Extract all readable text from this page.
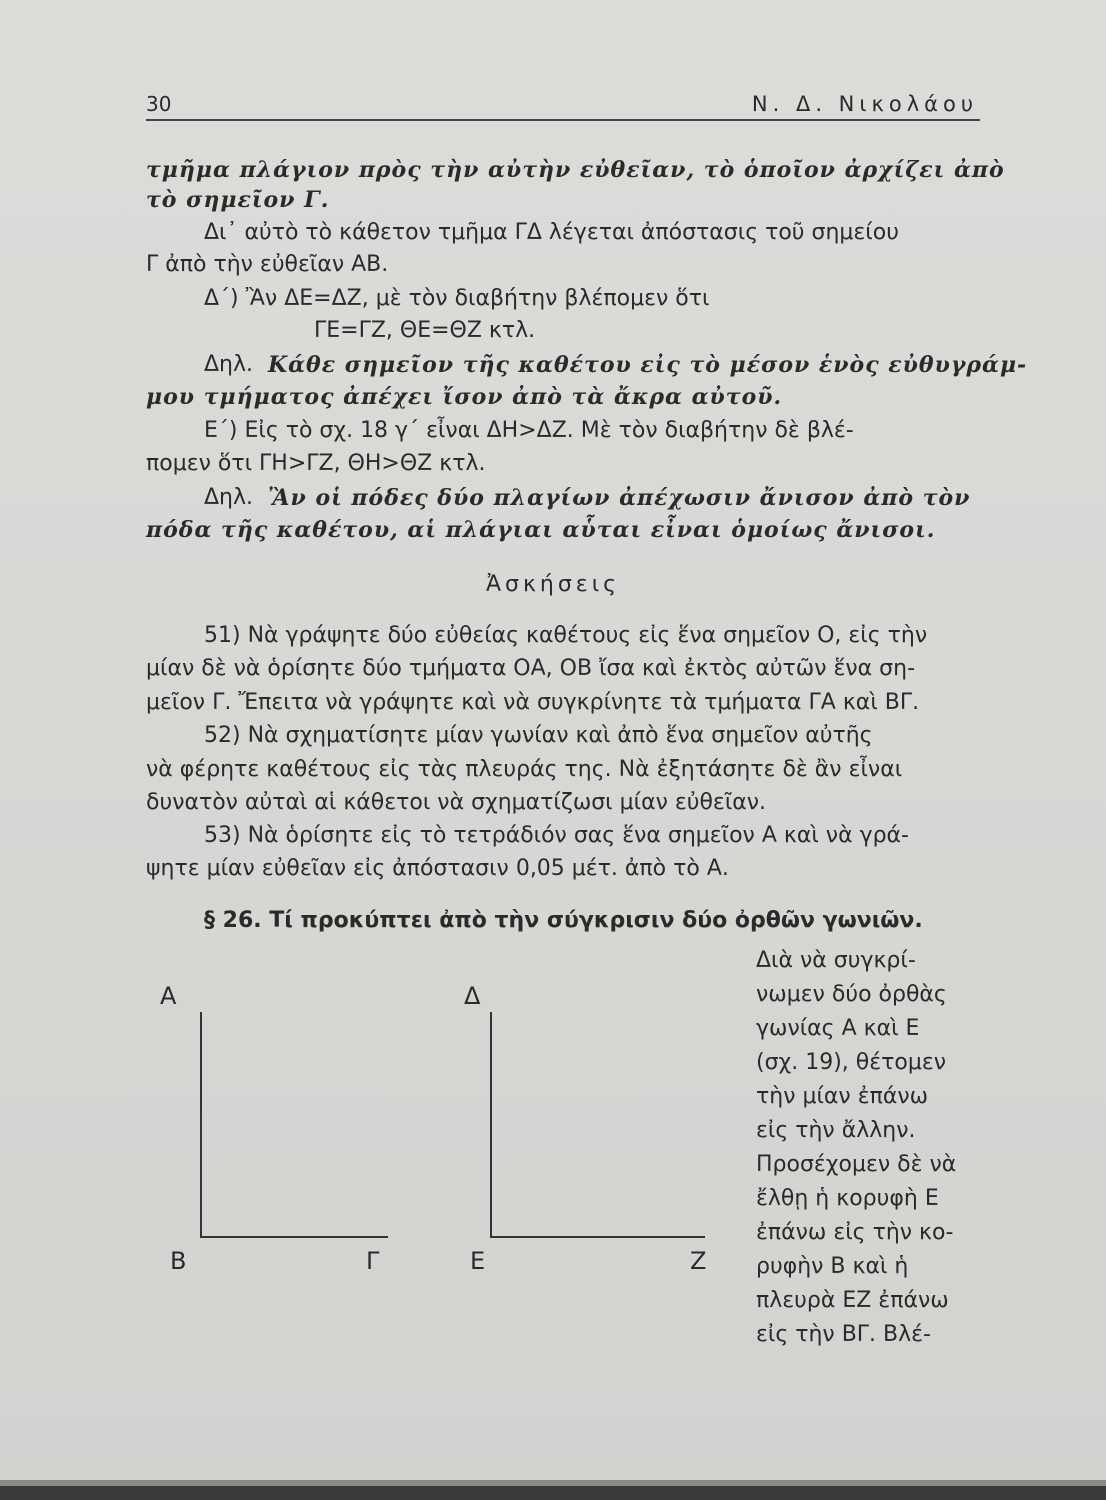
30	Ν. Δ. Νικολάου
τμῆμα πλάγιον πρὸς τὴν αὐτὴν εὐθεῖαν, τὸ ὁποῖον ἀρχίζει ἀπὸ
τὸ σημεῖον Γ.
Δι᾿ αὐτὸ τὸ κάθετον τμῆμα ΓΔ λέγεται ἀπόστασις τοῦ σημείου
Γ ἀπὸ τὴν εὐθεῖαν ΑΒ.
Δ΄) Ἂν ΔΕ=ΔΖ, μὲ τὸν διαβήτην βλέπομεν ὅτι
ΓΕ=ΓΖ, ΘΕ=ΘΖ κτλ.
Δηλ. Κάθε σημεῖον τῆς καθέτου εἰς τὸ μέσον ἑνὸς εὐθυγράμ-
μου τμήματος ἀπέχει ἴσον ἀπὸ τὰ ἄκρα αὐτοῦ.
Ε΄) Εἰς τὸ σχ. 18 γ΄ εἶναι ΔΗ>ΔΖ. Μὲ τὸν διαβήτην δὲ βλέ-
πομεν ὅτι ΓΗ>ΓΖ, ΘΗ>ΘΖ κτλ.
Δηλ. Ἂν οἱ πόδες δύο πλαγίων ἀπέχωσιν ἄνισον ἀπὸ τὸν
πόδα τῆς καθέτου, αἱ πλάγιαι αὗται εἶναι ὁμοίως ἄνισοι.
Ἀσκήσεις
51) Νὰ γράψητε δύο εὐθείας καθέτους εἰς ἕνα σημεῖον Ο, εἰς τὴν
μίαν δὲ νὰ ὁρίσητε δύο τμήματα ΟΑ, ΟΒ ἴσα καὶ ἐκτὸς αὐτῶν ἕνα ση-
μεῖον Γ. Ἔπειτα νὰ γράψητε καὶ νὰ συγκρίνητε τὰ τμήματα ΓΑ καὶ ΒΓ.
52) Νὰ σχηματίσητε μίαν γωνίαν καὶ ἀπὸ ἕνα σημεῖον αὐτῆς
νὰ φέρητε καθέτους εἰς τὰς πλευράς της. Νὰ ἐξητάσητε δὲ ἂν εἶναι
δυνατὸν αὐταὶ αἱ κάθετοι νὰ σχηματίζωσι μίαν εὐθεῖαν.
53) Νὰ ὁρίσητε εἰς τὸ τετράδιόν σας ἕνα σημεῖον Α καὶ νὰ γρά-
ψητε μίαν εὐθεῖαν εἰς ἀπόστασιν 0,05 μέτ. ἀπὸ τὸ Α.
§ 26. Τί προκύπτει ἀπὸ τὴν σύγκρισιν δύο ὀρθῶν γωνιῶν.
Α
Β	Γ
Δ
Ε	Ζ
Διὰ νὰ συγκρί-
νωμεν δύο ὀρθὰς
γωνίας Α καὶ Ε
(σχ. 19), θέτομεν
τὴν μίαν ἐπάνω
εἰς τὴν ἄλλην.
Προσέχομεν δὲ νὰ
ἔλθῃ ἡ κορυφὴ Ε
ἐπάνω εἰς τὴν κο-
ρυφὴν Β καὶ ἡ
πλευρὰ ΕΖ ἐπάνω
εἰς τὴν ΒΓ. Βλέ-
